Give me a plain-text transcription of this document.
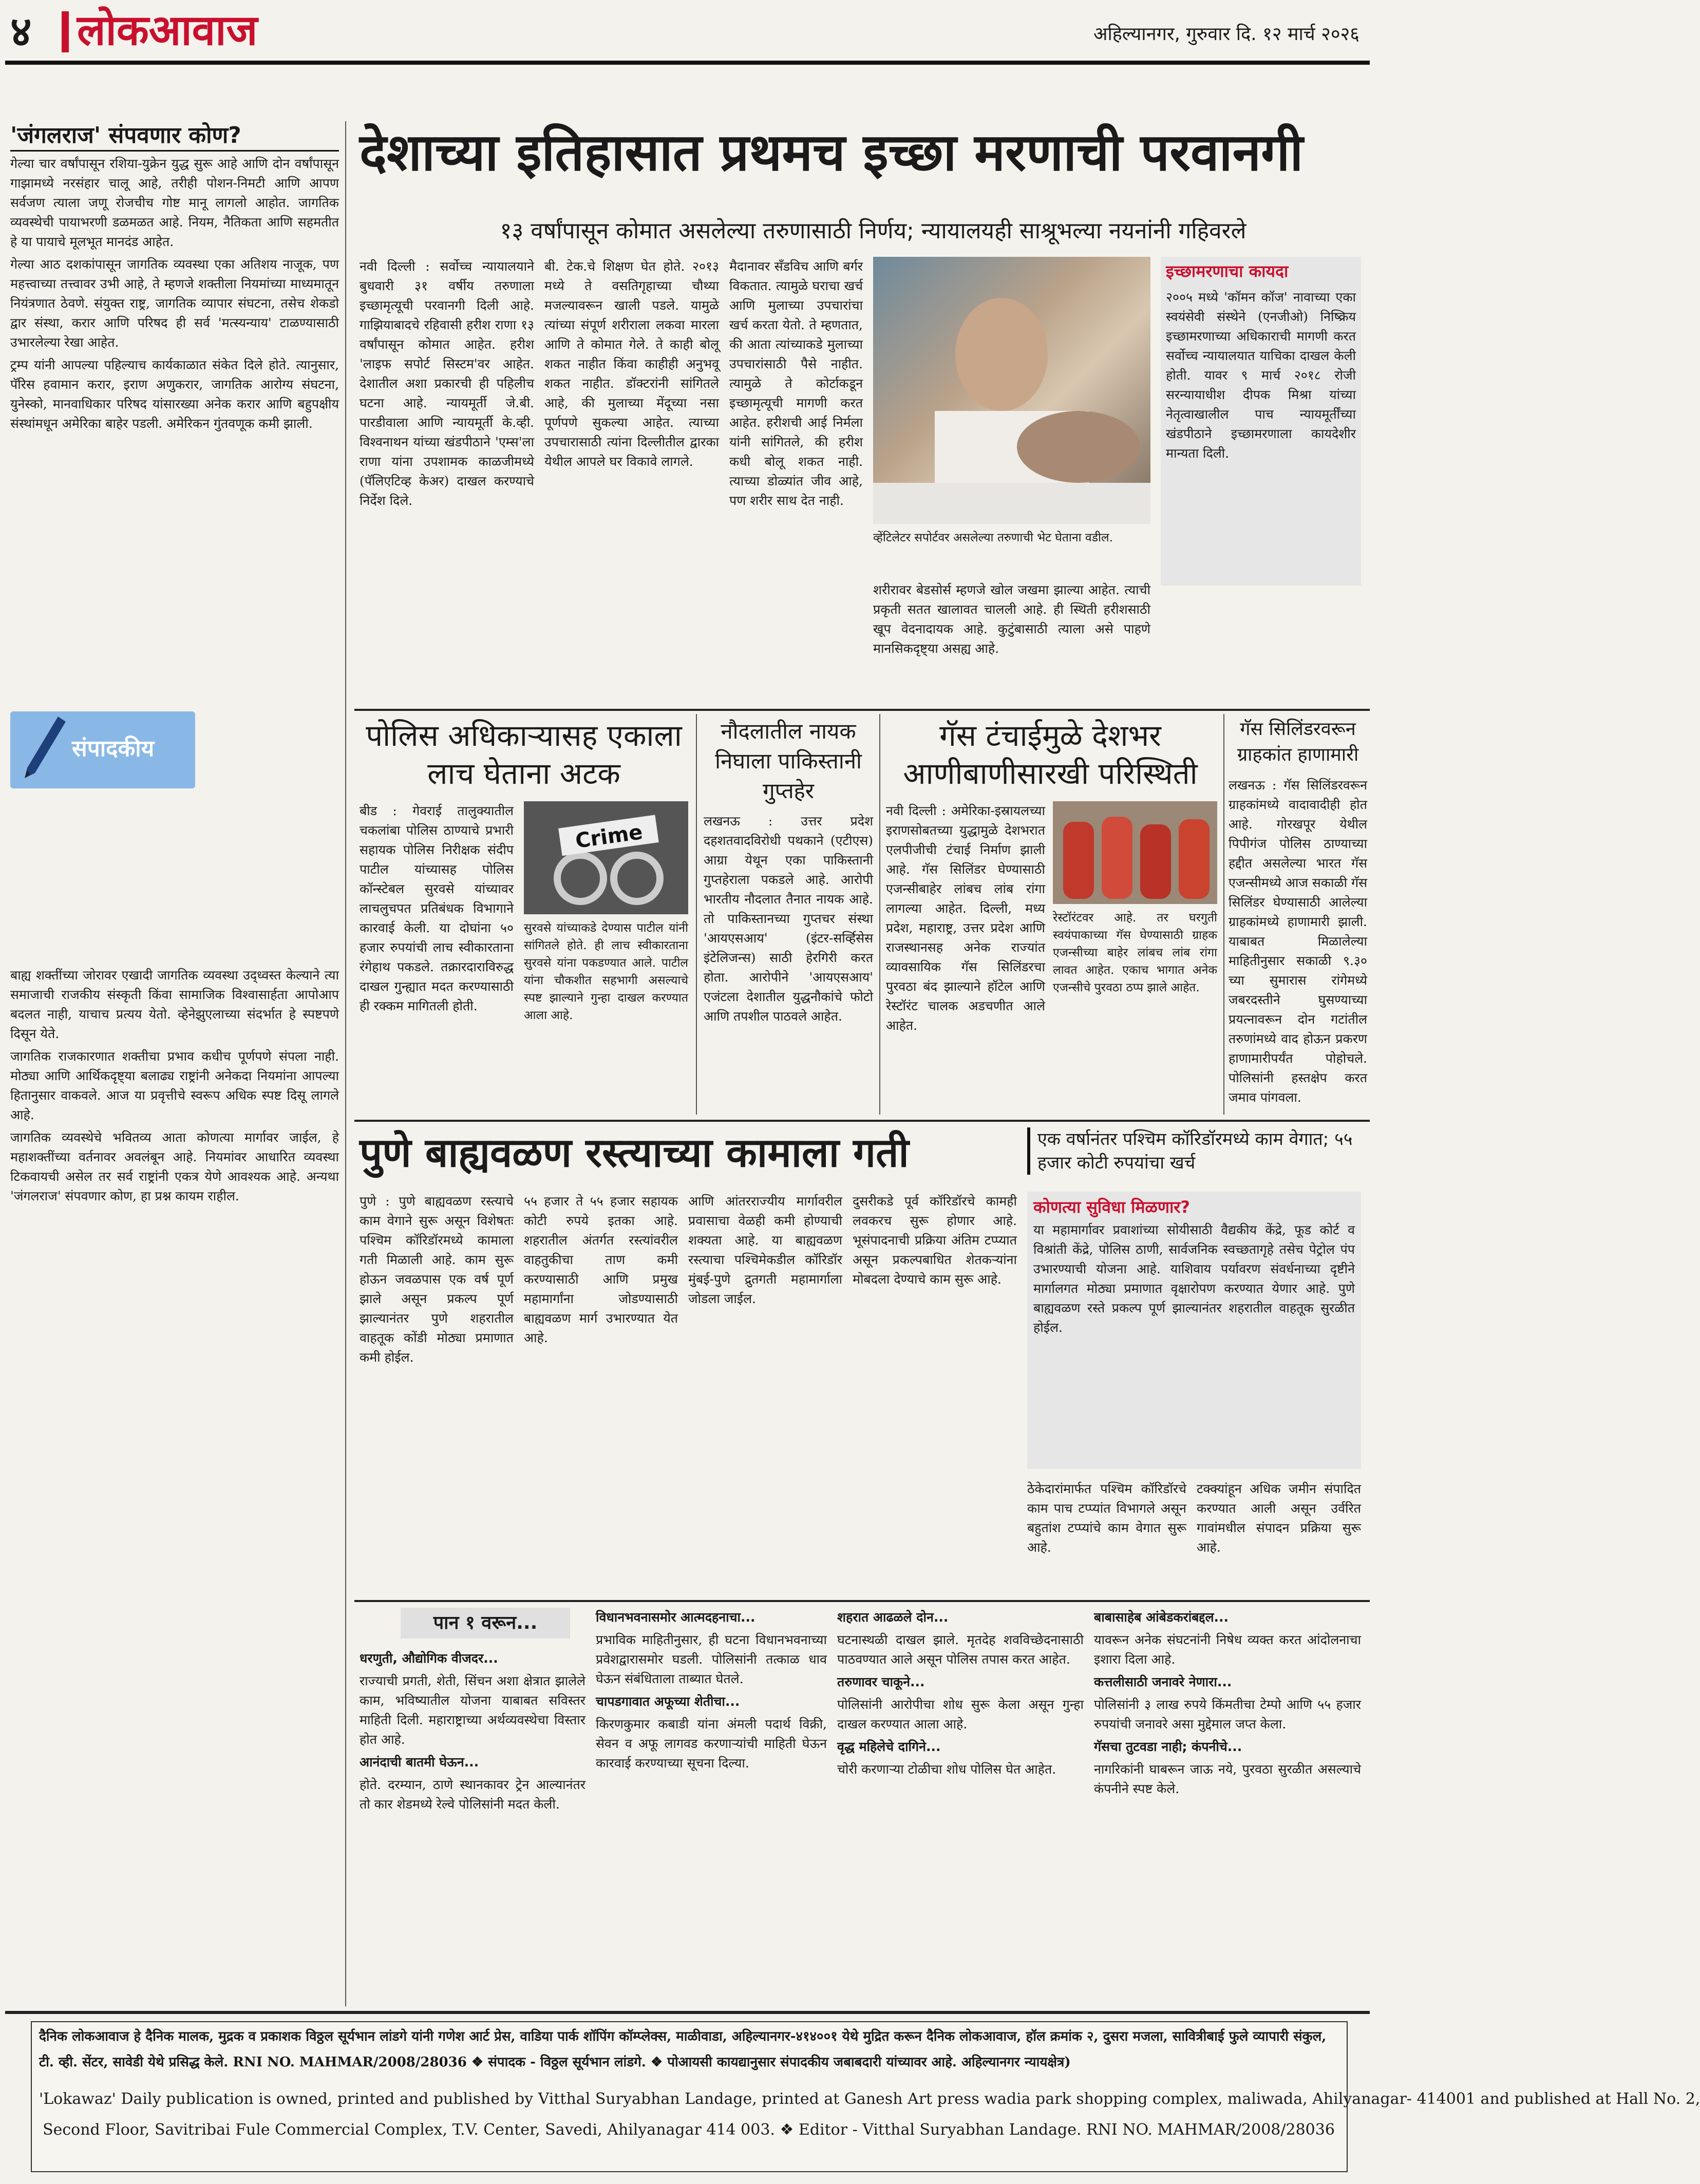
४ लोकआवाज	अहिल्यानगर, गुरुवार दि. १२ मार्च २०२६
'जंगलराज' संपवणार कोण?

गेल्या चार वर्षांपासून रशिया-युक्रेन युद्ध सुरू आहे आणि दोन वर्षांपासून गाझामध्ये नरसंहार चालू आहे, तरीही पोशन-निमटी आणि आपण सर्वजण त्याला जणू रोजचीच गोष्ट मानू लागलो आहोत. जागतिक व्यवस्थेची पायाभरणी डळमळत आहे. नियम, नैतिकता आणि सहमतीत हे या पायाचे मूलभूत मानदंड आहेत.

गेल्या आठ दशकांपासून जागतिक व्यवस्था एका अतिशय नाजूक, पण महत्त्वाच्या तत्त्वावर उभी आहे, ते म्हणजे शक्तीला नियमांच्या माध्यमातून नियंत्रणात ठेवणे. संयुक्त राष्ट्र, जागतिक व्यापार संघटना, तसेच शेकडो द्वार संस्था, करार आणि परिषद ही सर्व 'मत्स्यन्याय' टाळण्यासाठी उभारलेल्या रेखा आहेत.

ट्रम्प यांनी आपल्या पहिल्याच कार्यकाळात संकेत दिले होते. त्यानुसार, पॅरिस हवामान करार, इराण अणुकरार, जागतिक आरोग्य संघटना, युनेस्को, मानवाधिकार परिषद यांसारख्या अनेक करार आणि बहुपक्षीय संस्थांमधून अमेरिका बाहेर पडली. अमेरिकन गुंतवणूक कमी झाली.

संपादकीय

बाह्य शक्तींच्या जोरावर एखादी जागतिक व्यवस्था उद्ध्वस्त केल्याने त्या समाजाची राजकीय संस्कृती किंवा सामाजिक विश्वासार्हता आपोआप बदलत नाही, याचाच प्रत्यय येतो. व्हेनेझुएलाच्या संदर्भात हे स्पष्टपणे दिसून येते.

जागतिक राजकारणात शक्तीचा प्रभाव कधीच पूर्णपणे संपला नाही. मोठ्या आणि आर्थिकदृष्ट्या बलाढ्य राष्ट्रांनी अनेकदा नियमांना आपल्या हितानुसार वाकवले. आज या प्रवृत्तीचे स्वरूप अधिक स्पष्ट दिसू लागले आहे.

जागतिक व्यवस्थेचे भवितव्य आता कोणत्या मार्गावर जाईल, हे महाशक्तींच्या वर्तनावर अवलंबून आहे. नियमांवर आधारित व्यवस्था टिकवायची असेल तर सर्व राष्ट्रांनी एकत्र येणे आवश्यक आहे. अन्यथा 'जंगलराज' संपवणार कोण, हा प्रश्न कायम राहील.

देशाच्या इतिहासात प्रथमच इच्छा मरणाची परवानगी
१३ वर्षांपासून कोमात असलेल्या तरुणासाठी निर्णय; न्यायालयही साश्रूभल्या नयनांनी गहिवरले
नवी दिल्ली : सर्वोच्च न्यायालयाने बुधवारी ३१ वर्षीय तरुणाला इच्छामृत्यूची परवानगी दिली आहे. गाझियाबादचे रहिवासी हरीश राणा १३ वर्षांपासून कोमात आहेत. हरीश 'लाइफ सपोर्ट सिस्टम'वर आहेत. देशातील अशा प्रकारची ही पहिलीच घटना आहे. न्यायमूर्ती जे.बी. पारडीवाला आणि न्यायमूर्ती के.व्ही. विश्वनाथन यांच्या खंडपीठाने 'एम्स'ला राणा यांना उपशामक काळजीमध्ये (पॅलिएटिव्ह केअर) दाखल करण्याचे निर्देश दिले.
बी. टेक.चे शिक्षण घेत होते. २०१३ मध्ये ते वसतिगृहाच्या चौथ्या मजल्यावरून खाली पडले. यामुळे त्यांच्या संपूर्ण शरीराला लकवा मारला आणि ते कोमात गेले. ते काही बोलू शकत नाहीत किंवा काहीही अनुभवू शकत नाहीत. डॉक्टरांनी सांगितले आहे, की मुलाच्या मेंदूच्या नसा पूर्णपणे सुकल्या आहेत. त्याच्या उपचारासाठी त्यांना दिल्लीतील द्वारका येथील आपले घर विकावे लागले.
मैदानावर सॅंडविच आणि बर्गर विकतात. त्यामुळे घराचा खर्च आणि मुलाच्या उपचारांचा खर्च करता येतो. ते म्हणतात, की आता त्यांच्याकडे मुलाच्या उपचारांसाठी पैसे नाहीत. त्यामुळे ते कोर्टाकडून इच्छामृत्यूची मागणी करत आहेत. हरीशची आई निर्मला यांनी सांगितले, की हरीश कधी बोलू शकत नाही. त्याच्या डोळ्यांत जीव आहे, पण शरीर साथ देत नाही.
व्हेंटिलेटर सपोर्टवर असलेल्या तरुणाची भेट घेताना वडील.
शरीरावर बेडसोर्स म्हणजे खोल जखमा झाल्या आहेत. त्याची प्रकृती सतत खालावत चालली आहे. ही स्थिती हरीशसाठी खूप वेदनादायक आहे. कुटुंबासाठी त्याला असे पाहणे मानसिकदृष्ट्या असह्य आहे.
इच्छामरणाचा कायदा
२००५ मध्ये 'कॉमन कॉज' नावाच्या एका स्वयंसेवी संस्थेने (एनजीओ) निष्क्रिय इच्छामरणाच्या अधिकाराची मागणी करत सर्वोच्च न्यायालयात याचिका दाखल केली होती. यावर ९ मार्च २०१८ रोजी सरन्यायाधीश दीपक मिश्रा यांच्या नेतृत्वाखालील पाच न्यायमूर्तींच्या खंडपीठाने इच्छामरणाला कायदेशीर मान्यता दिली.
पोलिस अधिकाऱ्यासह एकाला लाच घेताना अटक
बीड : गेवराई तालुक्यातील चकलांबा पोलिस ठाण्याचे प्रभारी सहायक पोलिस निरीक्षक संदीप पाटील यांच्यासह पोलिस कॉन्स्टेबल सुरवसे यांच्यावर लाचलुचपत प्रतिबंधक विभागाने कारवाई केली. या दोघांना ५० हजार रुपयांची लाच स्वीकारताना रंगेहाथ पकडले. तक्रारदाराविरुद्ध दाखल गुन्ह्यात मदत करण्यासाठी ही रक्कम मागितली होती.
Crime
सुरवसे यांच्याकडे देण्यास पाटील यांनी सांगितले होते. ही लाच स्वीकारताना सुरवसे यांना पकडण्यात आले. पाटील यांना चौकशीत सहभागी असल्याचे स्पष्ट झाल्याने गुन्हा दाखल करण्यात आला आहे.
नौदलातील नायक निघाला पाकिस्तानी गुप्तहेर
लखनऊ : उत्तर प्रदेश दहशतवादविरोधी पथकाने (एटीएस) आग्रा येथून एका पाकिस्तानी गुप्तहेराला पकडले आहे. आरोपी भारतीय नौदलात तैनात नायक आहे. तो पाकिस्तानच्या गुप्तचर संस्था 'आयएसआय' (इंटर-सर्व्हिसेस इंटेलिजन्स) साठी हेरगिरी करत होता. आरोपीने 'आयएसआय' एजंटला देशातील युद्धनौकांचे फोटो आणि तपशील पाठवले आहेत.
गॅस टंचाईमुळे देशभर आणीबाणीसारखी परिस्थिती
नवी दिल्ली : अमेरिका-इस्रायलच्या इराणसोबतच्या युद्धामुळे देशभरात एलपीजीची टंचाई निर्माण झाली आहे. गॅस सिलिंडर घेण्यासाठी एजन्सीबाहेर लांबच लांब रांगा लागल्या आहेत. दिल्ली, मध्य प्रदेश, महाराष्ट्र, उत्तर प्रदेश आणि राजस्थानसह अनेक राज्यांत व्यावसायिक गॅस सिलिंडरचा पुरवठा बंद झाल्याने हॉटेल आणि रेस्टॉरंट चालक अडचणीत आले आहेत.
रेस्टॉरंटवर आहे. तर घरगुती स्वयंपाकाच्या गॅस घेण्यासाठी ग्राहक एजन्सीच्या बाहेर लांबच लांब रांगा लावत आहेत. एकाच भागात अनेक एजन्सीचे पुरवठा ठप्प झाले आहेत.
गॅस सिलिंडरवरून ग्राहकांत हाणामारी
लखनऊ : गॅस सिलिंडरवरून ग्राहकांमध्ये वादावादीही होत आहे. गोरखपूर येथील पिपीगंज पोलिस ठाण्याच्या हद्दीत असलेल्या भारत गॅस एजन्सीमध्ये आज सकाळी गॅस सिलिंडर घेण्यासाठी आलेल्या ग्राहकांमध्ये हाणामारी झाली. याबाबत मिळालेल्या माहितीनुसार सकाळी ९.३० च्या सुमारास रांगेमध्ये जबरदस्तीने घुसण्याच्या प्रयत्नावरून दोन गटांतील तरुणांमध्ये वाद होऊन प्रकरण हाणामारीपर्यंत पोहोचले. पोलिसांनी हस्तक्षेप करत जमाव पांगवला.
पुणे बाह्यवळण रस्त्याच्या कामाला गती	एक वर्षानंतर पश्चिम कॉरिडॉरमध्ये काम वेगात; ५५ हजार कोटी रुपयांचा खर्च
पुणे : पुणे बाह्यवळण रस्त्याचे काम वेगाने सुरू असून विशेषतः पश्चिम कॉरिडॉरमध्ये कामाला गती मिळाली आहे. काम सुरू होऊन जवळपास एक वर्ष पूर्ण झाले असून प्रकल्प पूर्ण झाल्यानंतर पुणे शहरातील वाहतूक कोंडी मोठ्या प्रमाणात कमी होईल.
५५ हजार ते ५५ हजार सहायक कोटी रुपये इतका आहे. शहरातील अंतर्गत रस्त्यांवरील वाहतुकीचा ताण कमी करण्यासाठी आणि प्रमुख महामार्गांना जोडण्यासाठी बाह्यवळण मार्ग उभारण्यात येत आहे.
आणि आंतरराज्यीय मार्गावरील प्रवासाचा वेळही कमी होण्याची शक्यता आहे. या बाह्यवळण रस्त्याचा पश्चिमेकडील कॉरिडॉर मुंबई-पुणे द्रुतगती महामार्गाला जोडला जाईल.
दुसरीकडे पूर्व कॉरिडॉरचे कामही लवकरच सुरू होणार आहे. भूसंपादनाची प्रक्रिया अंतिम टप्प्यात असून प्रकल्पबाधित शेतकऱ्यांना मोबदला देण्याचे काम सुरू आहे.
कोणत्या सुविधा मिळणार?
या महामार्गावर प्रवाशांच्या सोयीसाठी वैद्यकीय केंद्रे, फूड कोर्ट व विश्रांती केंद्रे, पोलिस ठाणी, सार्वजनिक स्वच्छतागृहे तसेच पेट्रोल पंप उभारण्याची योजना आहे. याशिवाय पर्यावरण संवर्धनाच्या दृष्टीने मार्गालगत मोठ्या प्रमाणात वृक्षारोपण करण्यात येणार आहे. पुणे बाह्यवळण रस्ते प्रकल्प पूर्ण झाल्यानंतर शहरातील वाहतूक सुरळीत होईल.
ठेकेदारांमार्फत पश्चिम कॉरिडॉरचे काम पाच टप्प्यांत विभागले असून बहुतांश टप्प्यांचे काम वेगात सुरू आहे.
टक्क्यांहून अधिक जमीन संपादित करण्यात आली असून उर्वरित गावांमधील संपादन प्रक्रिया सुरू आहे.
पान १ वरून...

धरणुती, औद्योगिक वीजदर...

राज्याची प्रगती, शेती, सिंचन अशा क्षेत्रात झालेले काम, भविष्यातील योजना याबाबत सविस्तर माहिती दिली. महाराष्ट्राच्या अर्थव्यवस्थेचा विस्तार होत आहे.

आनंदाची बातमी घेऊन...

होते. दरम्यान, ठाणे स्थानकावर ट्रेन आल्यानंतर तो कार शेडमध्ये रेल्वे पोलिसांनी मदत केली.

विधानभवनासमोर आत्मदहनाचा...

प्रभाविक माहितीनुसार, ही घटना विधानभवनाच्या प्रवेशद्वारासमोर घडली. पोलिसांनी तत्काळ धाव घेऊन संबंधिताला ताब्यात घेतले.

चापडगावात अफूच्या शेतीचा...

किरणकुमार कबाडी यांना अंमली पदार्थ विक्री, सेवन व अफू लागवड करणाऱ्यांची माहिती घेऊन कारवाई करण्याच्या सूचना दिल्या.

शहरात आढळले दोन...

घटनास्थळी दाखल झाले. मृतदेह शवविच्छेदनासाठी पाठवण्यात आले असून पोलिस तपास करत आहेत.

तरुणावर चाकूने...

पोलिसांनी आरोपीचा शोध सुरू केला असून गुन्हा दाखल करण्यात आला आहे.

वृद्ध महिलेचे दागिने...

चोरी करणाऱ्या टोळीचा शोध पोलिस घेत आहेत.

बाबासाहेब आंबेडकरांबद्दल...

यावरून अनेक संघटनांनी निषेध व्यक्त करत आंदोलनाचा इशारा दिला आहे.

कत्तलीसाठी जनावरे नेणारा...

पोलिसांनी ३ लाख रुपये किंमतीचा टेम्पो आणि ५५ हजार रुपयांची जनावरे असा मुद्देमाल जप्त केला.

गॅसचा तुटवडा नाही; कंपनीचे...

नागरिकांनी घाबरून जाऊ नये, पुरवठा सुरळीत असल्याचे कंपनीने स्पष्ट केले.

दैनिक लोकआवाज हे दैनिक मालक, मुद्रक व प्रकाशक विठ्ठल सूर्यभान लांडगे यांनी गणेश आर्ट प्रेस, वाडिया पार्क शॉपिंग कॉम्प्लेक्स, माळीवाडा, अहिल्यानगर-४१४००१ येथे मुद्रित करून दैनिक लोकआवाज, हॉल क्रमांक २, दुसरा मजला, सावित्रीबाई फुले व्यापारी संकुल,
टी. व्ही. सेंटर, सावेडी येथे प्रसिद्ध केले. RNI NO. MAHMAR/2008/28036 ❖ संपादक - विठ्ठल सूर्यभान लांडगे. ❖ पोआयसी कायद्यानुसार संपादकीय जबाबदारी यांच्यावर आहे. अहिल्यानगर न्यायक्षेत्र)
'Lokawaz' Daily publication is owned, printed and published by Vitthal Suryabhan Landage, printed at Ganesh Art press wadia park shopping complex, maliwada, Ahilyanagar- 414001 and published at Hall No. 2,
Second Floor, Savitribai Fule Commercial Complex, T.V. Center, Savedi, Ahilyanagar 414 003. ❖ Editor - Vitthal Suryabhan Landage. RNI NO. MAHMAR/2008/28036
